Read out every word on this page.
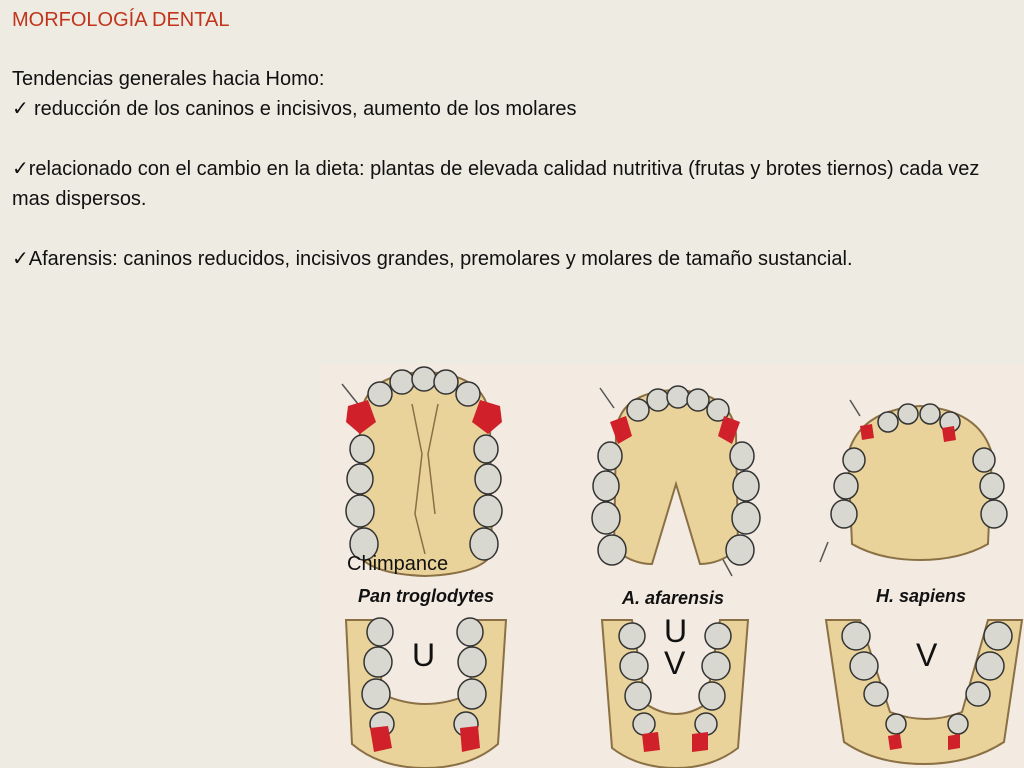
MORFOLOGÍA DENTAL

Tendencias generales hacia Homo:

✓ reducción de los caninos e incisivos, aumento de los molares

✓relacionado con el cambio en la dieta: plantas de elevada calidad nutritiva (frutas y brotes tiernos) cada vez mas dispersos.

✓Afarensis: caninos reducidos, incisivos grandes, premolares y molares de tamaño sustancial.

Pan troglodytes	A. afarensis	H. sapiens
U
U
V	V
Chimpance
